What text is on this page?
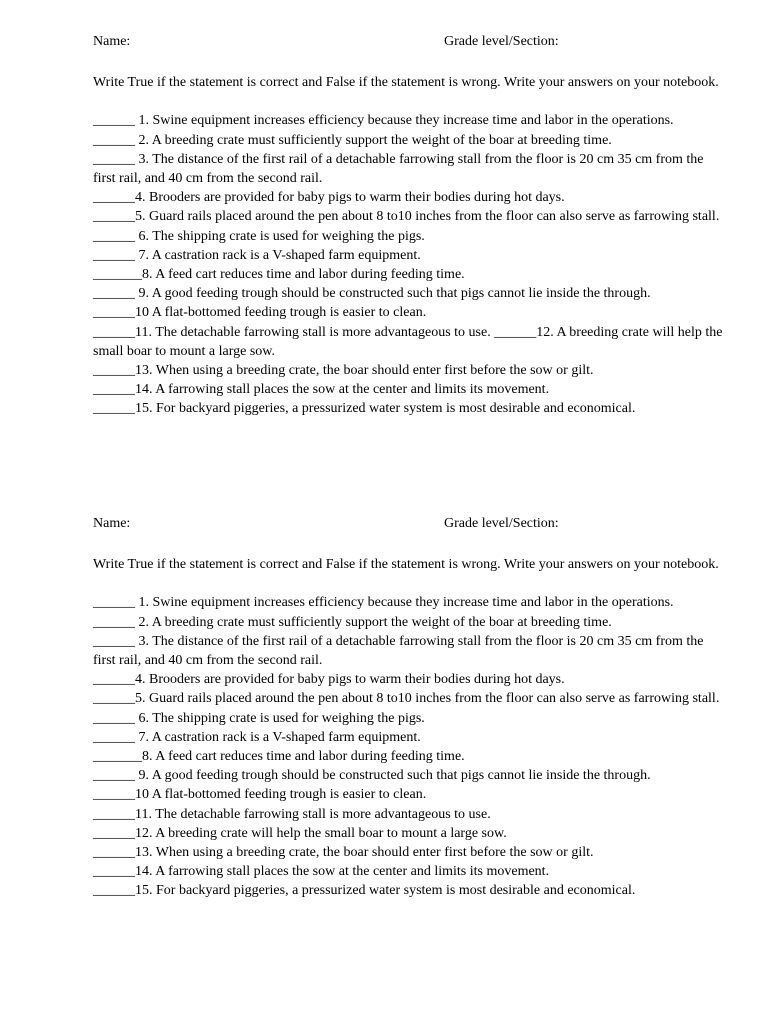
Name:	Grade level/Section:

Write True if the statement is correct and False if the statement is wrong. Write your answers on your notebook.

______ 1. Swine equipment increases efficiency because they increase time and labor in the operations.

______ 2. A breeding crate must sufficiently support the weight of the boar at breeding time.

______ 3. The distance of the first rail of a detachable farrowing stall from the floor is 20 cm 35 cm from the first rail, and 40 cm from the second rail.

______4. Brooders are provided for baby pigs to warm their bodies during hot days.

______5. Guard rails placed around the pen about 8 to10 inches from the floor can also serve as farrowing stall.

______ 6. The shipping crate is used for weighing the pigs.

______ 7. A castration rack is a V-shaped farm equipment.

_______8. A feed cart reduces time and labor during feeding time.

______ 9. A good feeding trough should be constructed such that pigs cannot lie inside the through.

______10 A flat-bottomed feeding trough is easier to clean.

______11. The detachable farrowing stall is more advantageous to use. ______12. A breeding crate will help the small boar to mount a large sow.

______13. When using a breeding crate, the boar should enter first before the sow or gilt.

______14. A farrowing stall places the sow at the center and limits its movement.

______15. For backyard piggeries, a pressurized water system is most desirable and economical.

Name:	Grade level/Section:

Write True if the statement is correct and False if the statement is wrong. Write your answers on your notebook.

______ 1. Swine equipment increases efficiency because they increase time and labor in the operations.

______ 2. A breeding crate must sufficiently support the weight of the boar at breeding time.

______ 3. The distance of the first rail of a detachable farrowing stall from the floor is 20 cm 35 cm from the first rail, and 40 cm from the second rail.

______4. Brooders are provided for baby pigs to warm their bodies during hot days.

______5. Guard rails placed around the pen about 8 to10 inches from the floor can also serve as farrowing stall.

______ 6. The shipping crate is used for weighing the pigs.

______ 7. A castration rack is a V-shaped farm equipment.

_______8. A feed cart reduces time and labor during feeding time.

______ 9. A good feeding trough should be constructed such that pigs cannot lie inside the through.

______10 A flat-bottomed feeding trough is easier to clean.

______11. The detachable farrowing stall is more advantageous to use.

______12. A breeding crate will help the small boar to mount a large sow.

______13. When using a breeding crate, the boar should enter first before the sow or gilt.

______14. A farrowing stall places the sow at the center and limits its movement.

______15. For backyard piggeries, a pressurized water system is most desirable and economical.
